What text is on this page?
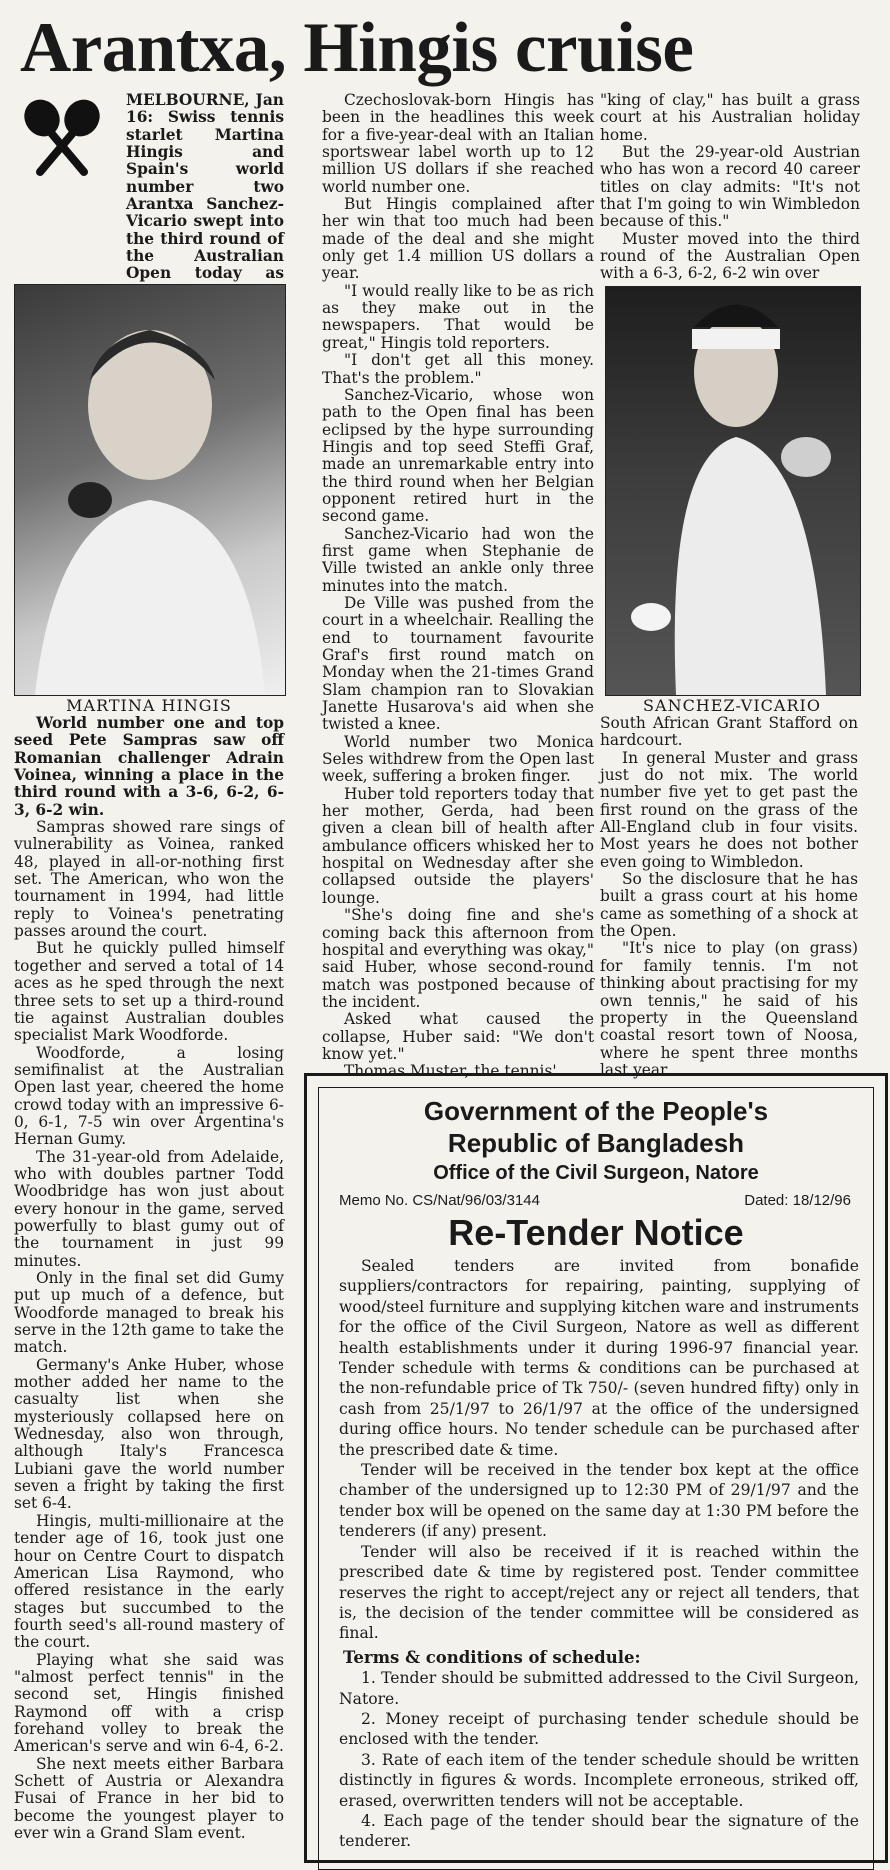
Arantxa, Hingis cruise

MELBOURNE, Jan 16: Swiss tennis starlet Martina Hingis and Spain's world number two Arantxa Sanchez-Vicario swept into the third round of the Australian Open today as

MARTINA HINGIS

World number one and top seed Pete Sampras saw off Romanian challenger Adrain Voinea, winning a place in the third round with a 3-6, 6-2, 6-3, 6-2 win.

Sampras showed rare sings of vulnerability as Voinea, ranked 48, played in all-or-nothing first set. The American, who won the tournament in 1994, had little reply to Voinea's penetrating passes around the court.

But he quickly pulled himself together and served a total of 14 aces as he sped through the next three sets to set up a third-round tie against Australian doubles specialist Mark Woodforde.

Woodforde, a losing semifinalist at the Australian Open last year, cheered the home crowd today with an impressive 6-0, 6-1, 7-5 win over Argentina's Hernan Gumy.

The 31-year-old from Adelaide, who with doubles partner Todd Woodbridge has won just about every honour in the game, served powerfully to blast gumy out of the tournament in just 99 minutes.

Only in the final set did Gumy put up much of a defence, but Woodforde managed to break his serve in the 12th game to take the match.

Germany's Anke Huber, whose mother added her name to the casualty list when she mysteriously collapsed here on Wednesday, also won through, although Italy's Francesca Lubiani gave the world number seven a fright by taking the first set 6-4.

Hingis, multi-millionaire at the tender age of 16, took just one hour on Centre Court to dispatch American Lisa Raymond, who offered resistance in the early stages but succumbed to the fourth seed's all-round mastery of the court.

Playing what she said was "almost perfect tennis" in the second set, Hingis finished Raymond off with a crisp forehand volley to break the American's serve and win 6-4, 6-2.

She next meets either Barbara Schett of Austria or Alexandra Fusai of France in her bid to become the youngest player to ever win a Grand Slam event.

Czechoslovak-born Hingis has been in the headlines this week for a five-year-deal with an Italian sportswear label worth up to 12 million US dollars if she reached world number one.

But Hingis complained after her win that too much had been made of the deal and she might only get 1.4 million US dollars a year.

"I would really like to be as rich as they make out in the newspapers. That would be great," Hingis told reporters.

"I don't get all this money. That's the problem."

Sanchez-Vicario, whose won path to the Open final has been eclipsed by the hype surrounding Hingis and top seed Steffi Graf, made an unremarkable entry into the third round when her Belgian opponent retired hurt in the second game.

Sanchez-Vicario had won the first game when Stephanie de Ville twisted an ankle only three minutes into the match.

De Ville was pushed from the court in a wheelchair. Realling the end to tournament favourite Graf's first round match on Monday when the 21-times Grand Slam champion ran to Slovakian Janette Husarova's aid when she twisted a knee.

World number two Monica Seles withdrew from the Open last week, suffering a broken finger.

Huber told reporters today that her mother, Gerda, had been given a clean bill of health after ambulance officers whisked her to hospital on Wednesday after she collapsed outside the players' lounge.

"She's doing fine and she's coming back this afternoon from hospital and everything was okay," said Huber, whose second-round match was postponed because of the incident.

Asked what caused the collapse, Huber said: "We don't know yet."

Thomas Muster, the tennis'

"king of clay," has built a grass court at his Australian holiday home.

But the 29-year-old Austrian who has won a record 40 career titles on clay admits: "It's not that I'm going to win Wimbledon because of this."

Muster moved into the third round of the Australian Open with a 6-3, 6-2, 6-2 win over

SANCHEZ-VICARIO

South African Grant Stafford on hardcourt.

In general Muster and grass just do not mix. The world number five yet to get past the first round on the grass of the All-England club in four visits. Most years he does not bother even going to Wimbledon.

So the disclosure that he has built a grass court at his home came as something of a shock at the Open.

"It's nice to play (on grass) for family tennis. I'm not thinking about practising for my own tennis," he said of his property in the Queensland coastal resort town of Noosa, where he spent three months last year.

Government of the People's
Republic of Bangladesh
Office of the Civil Surgeon, Natore
Memo No. CS/Nat/96/03/3144	Dated: 18/12/96
Re-Tender Notice

Sealed tenders are invited from bonafide suppliers/contractors for repairing, painting, supplying of wood/steel furniture and supplying kitchen ware and instruments for the office of the Civil Surgeon, Natore as well as different health establishments under it during 1996-97 financial year. Tender schedule with terms & conditions can be purchased at the non-refundable price of Tk 750/- (seven hundred fifty) only in cash from 25/1/97 to 26/1/97 at the office of the undersigned during office hours. No tender schedule can be purchased after the prescribed date & time.

Tender will be received in the tender box kept at the office chamber of the undersigned up to 12:30 PM of 29/1/97 and the tender box will be opened on the same day at 1:30 PM before the tenderers (if any) present.

Tender will also be received if it is reached within the prescribed date & time by registered post. Tender committee reserves the right to accept/reject any or reject all tenders, that is, the decision of the tender committee will be considered as final.

Terms & conditions of schedule:

1. Tender should be submitted addressed to the Civil Surgeon, Natore.

2. Money receipt of purchasing tender schedule should be enclosed with the tender.

3. Rate of each item of the tender schedule should be written distinctly in figures & words. Incomplete erroneous, striked off, erased, overwritten tenders will not be acceptable.

4. Each page of the tender should bear the signature of the tenderer.
